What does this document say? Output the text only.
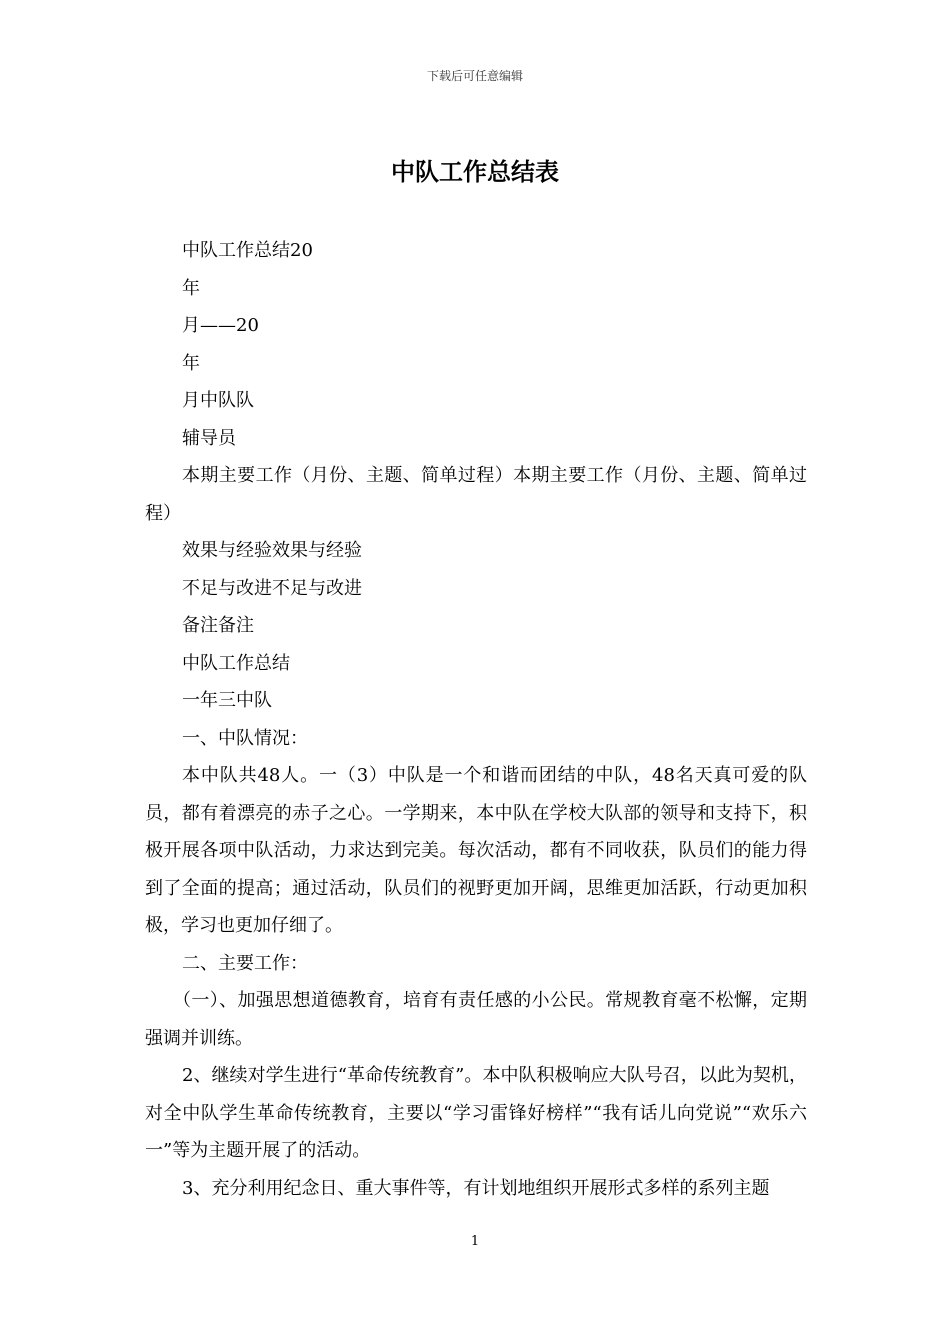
下载后可任意编辑
中队工作总结表

中队工作总结20

年

月——20

年

月中队队

辅导员

本期主要工作（月份、主题、简单过程）本期主要工作（月份、主题、简单过程）

效果与经验效果与经验

不足与改进不足与改进

备注备注

中队工作总结

一年三中队

一、中队情况：

本中队共48人。一（3）中队是一个和谐而团结的中队，48名天真可爱的队员，都有着漂亮的赤子之心。一学期来，本中队在学校大队部的领导和支持下，积极开展各项中队活动，力求达到完美。每次活动，都有不同收获，队员们的能力得到了全面的提高；通过活动，队员们的视野更加开阔，思维更加活跃，行动更加积极，学习也更加仔细了。

二、主要工作：

（一）、加强思想道德教育，培育有责任感的小公民。常规教育毫不松懈，定期强调并训练。

2、继续对学生进行“革命传统教育”。本中队积极响应大队号召，以此为契机，对全中队学生革命传统教育，主要以“学习雷锋好榜样”“我有话儿向党说”“欢乐六一”等为主题开展了的活动。

3、充分利用纪念日、重大事件等，有计划地组织开展形式多样的系列主题

1
